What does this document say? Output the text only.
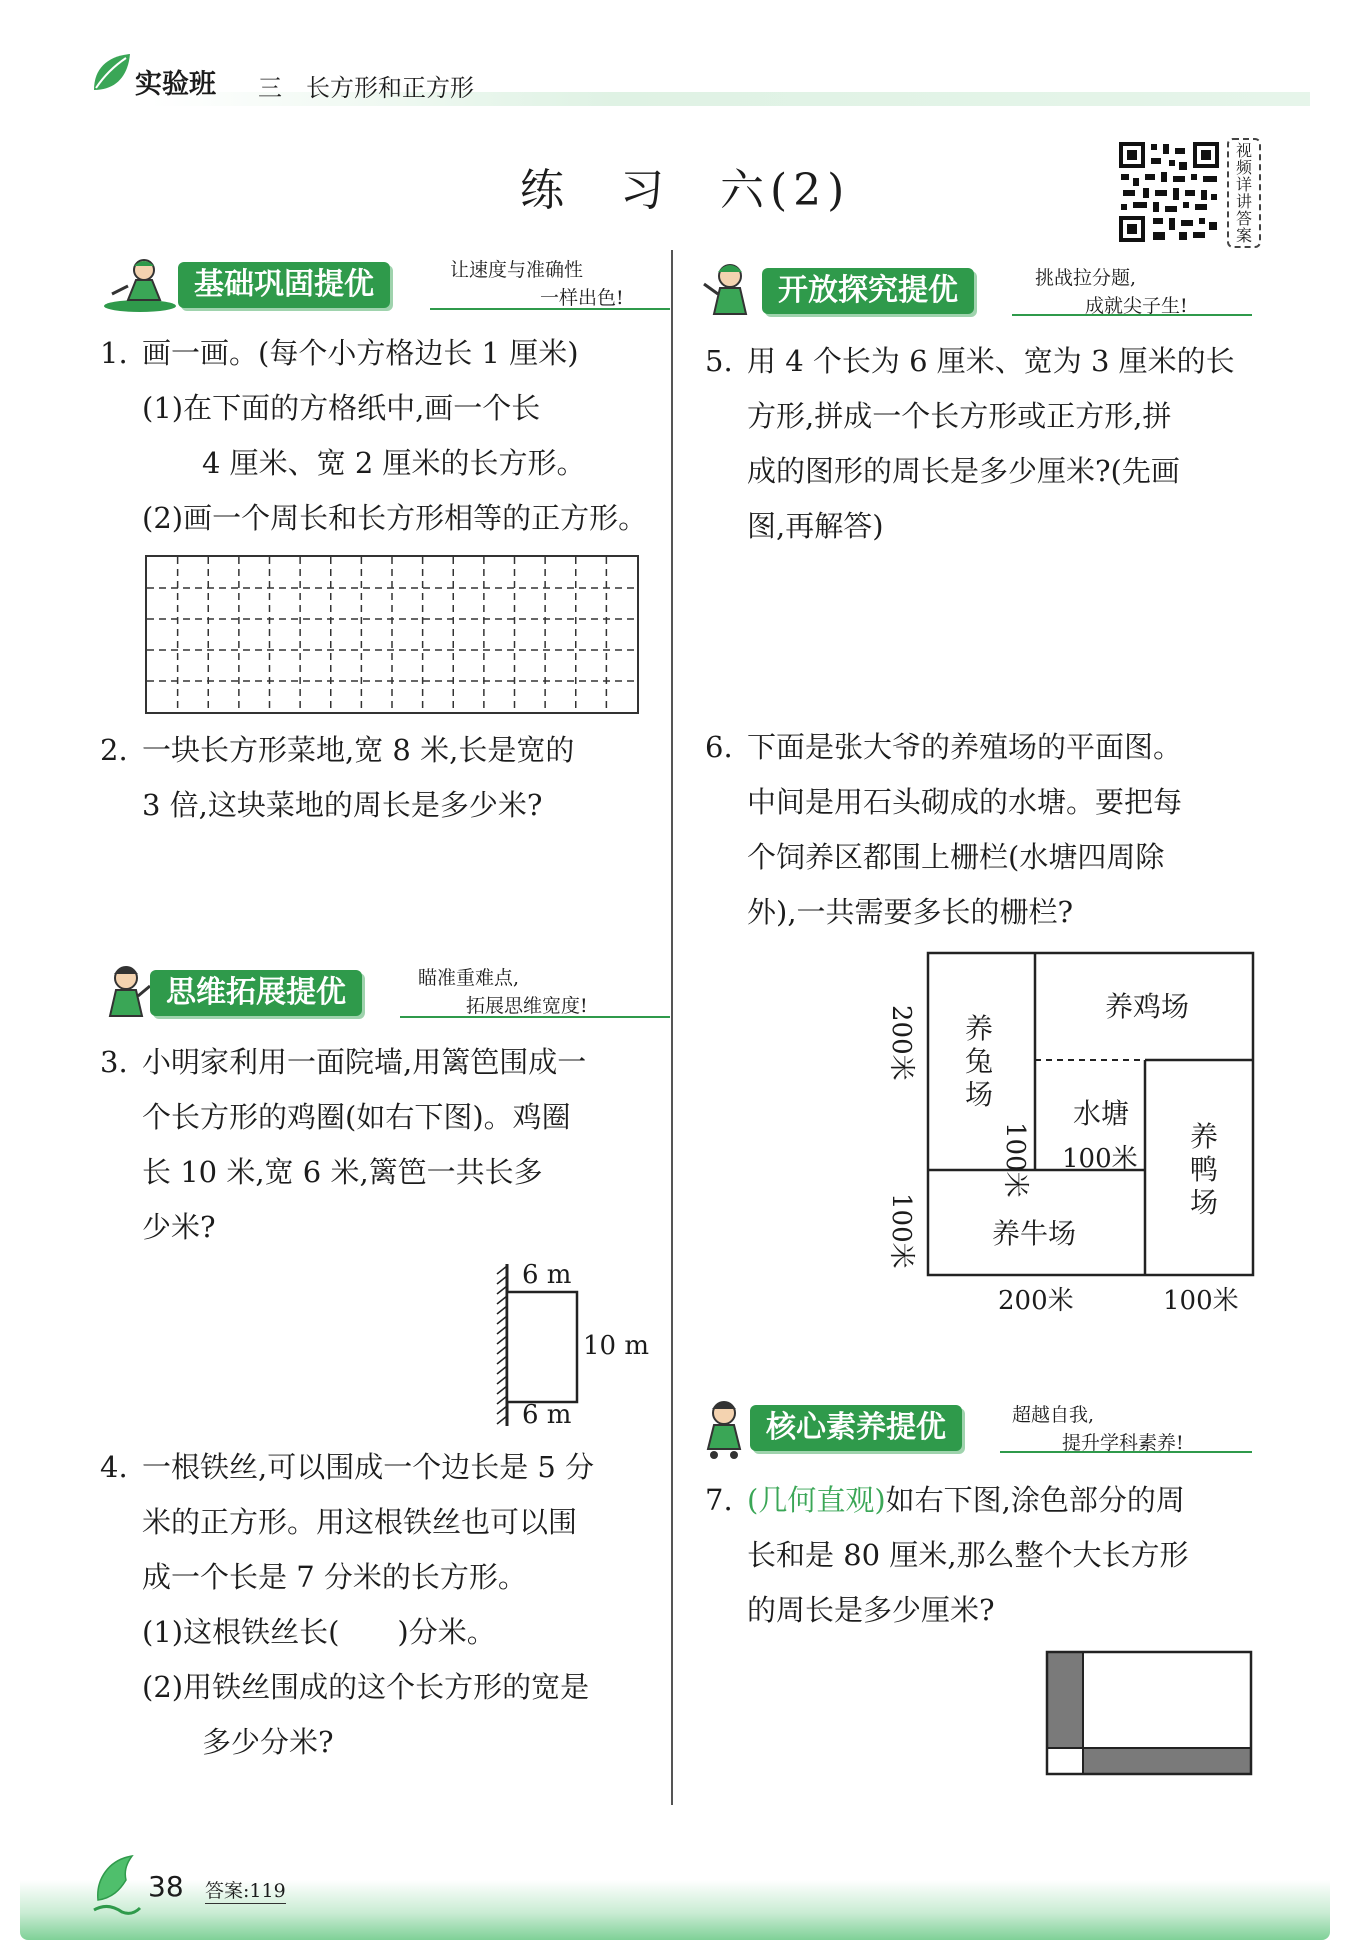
实验班 三　长方形和正方形
练　习　六(2)
视频详讲答案
基础巩固提优	让速度与准确性
一样出色!
1. 画一画。(每个小方格边长 1 厘米)
(1)在下面的方格纸中,画一个长
4 厘米、宽 2 厘米的长方形。
(2)画一个周长和长方形相等的正方形。
2. 一块长方形菜地,宽 8 米,长是宽的
3 倍,这块菜地的周长是多少米?
思维拓展提优	瞄准重难点,
拓展思维宽度!
3. 小明家利用一面院墙,用篱笆围成一
个长方形的鸡圈(如右下图)。鸡圈
长 10 米,宽 6 米,篱笆一共长多
少米?
6 m
10 m
6 m
4. 一根铁丝,可以围成一个边长是 5 分
米的正方形。用这根铁丝也可以围
成一个长是 7 分米的长方形。
(1)这根铁丝长(　　)分米。
(2)用铁丝围成的这个长方形的宽是
多少分米?
开放探究提优	挑战拉分题,
成就尖子生!
5. 用 4 个长为 6 厘米、宽为 3 厘米的长
方形,拼成一个长方形或正方形,拼
成的图形的周长是多少厘米?(先画
图,再解答)
6. 下面是张大爷的养殖场的平面图。
中间是用石头砌成的水塘。要把每
个饲养区都围上栅栏(水塘四周除
外),一共需要多长的栅栏?
养鸡场
养
兔
场
水塘
100米
100米	养
鸭
场
养牛场
200米
100米
200米	100米
核心素养提优	超越自我,
提升学科素养!
7. (几何直观)如右下图,涂色部分的周
长和是 80 厘米,那么整个大长方形
的周长是多少厘米?
38 答案:119
